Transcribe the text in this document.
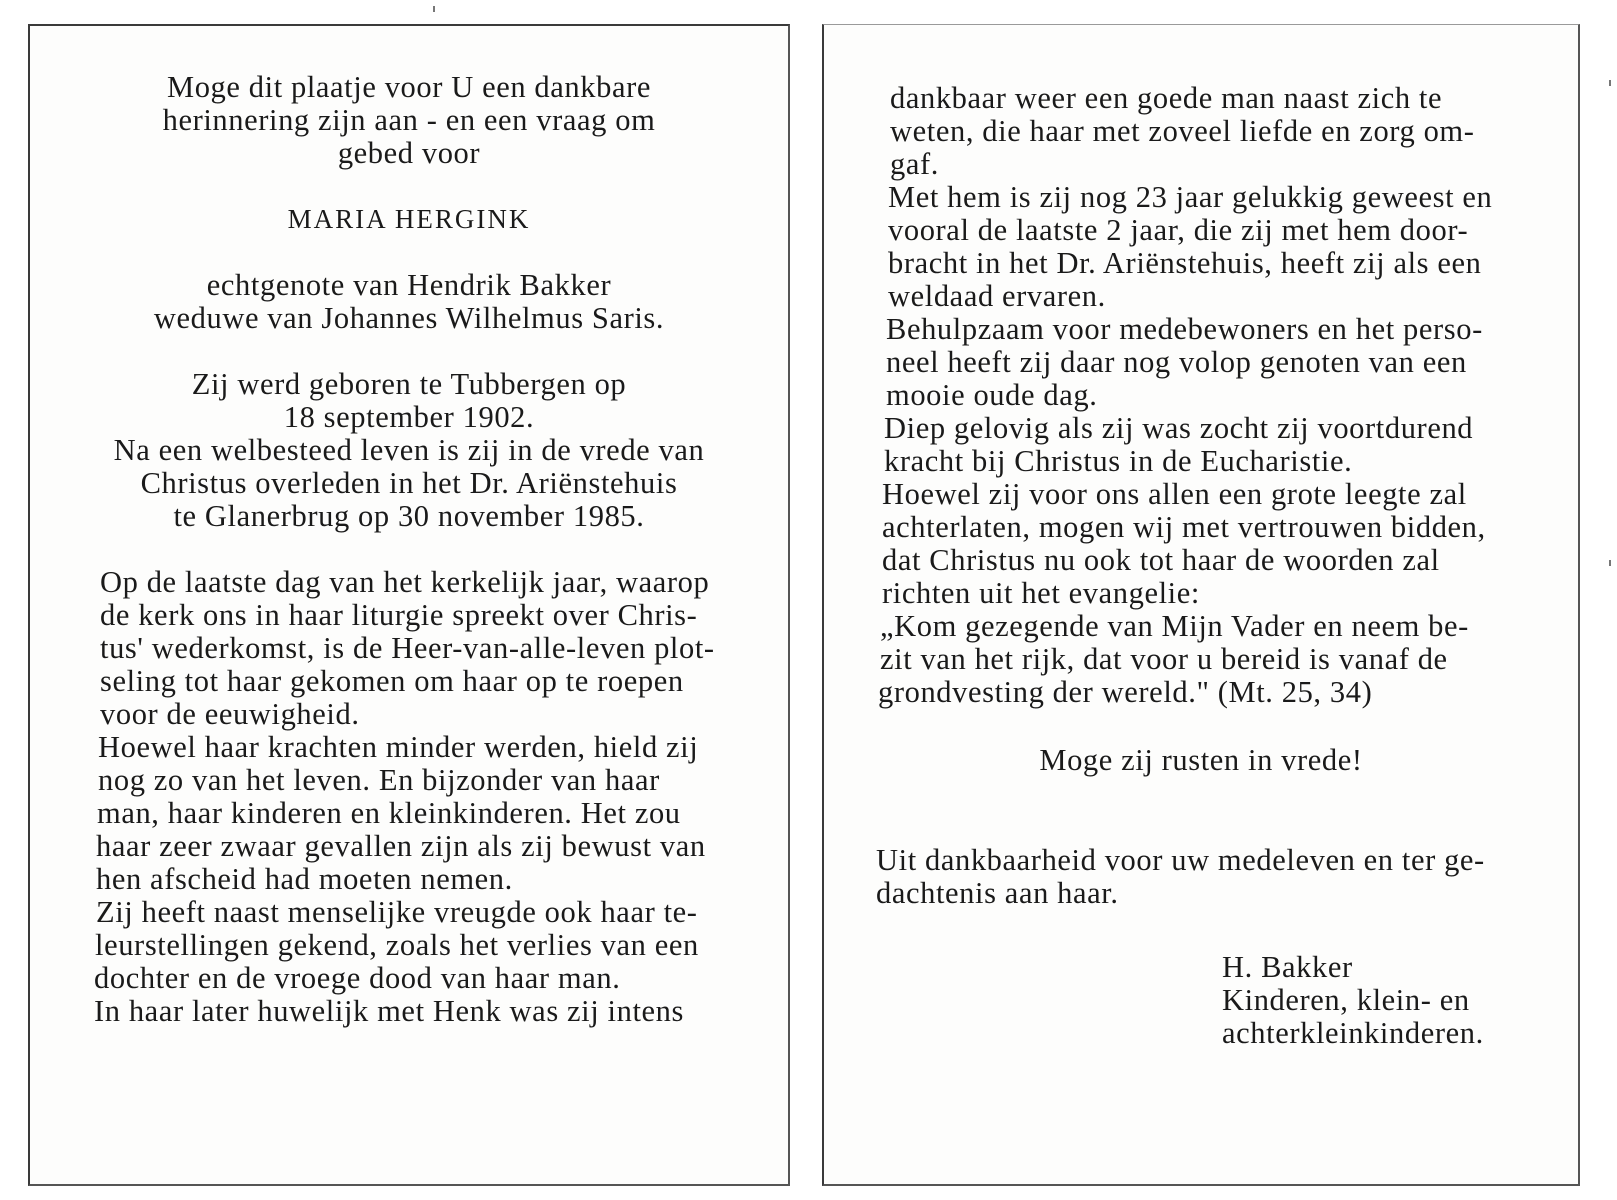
Moge dit plaatje voor U een dankbare
herinnering zijn aan - en een vraag om
gebed voor
MARIA HERGINK
echtgenote van Hendrik Bakker
weduwe van Johannes Wilhelmus Saris.
Zij werd geboren te Tubbergen op
18 september 1902.
Na een welbesteed leven is zij in de vrede van
Christus overleden in het Dr. Ariënstehuis
te Glanerbrug op 30 november 1985.
Op de laatste dag van het kerkelijk jaar, waarop
de kerk ons in haar liturgie spreekt over Chris-
tus' wederkomst, is de Heer-van-alle-leven plot-
seling tot haar gekomen om haar op te roepen
voor de eeuwigheid.
Hoewel haar krachten minder werden, hield zij
nog zo van het leven. En bijzonder van haar
man, haar kinderen en kleinkinderen. Het zou
haar zeer zwaar gevallen zijn als zij bewust van
hen afscheid had moeten nemen.
Zij heeft naast menselijke vreugde ook haar te-
leurstellingen gekend, zoals het verlies van een
dochter en de vroege dood van haar man.
In haar later huwelijk met Henk was zij intens
dankbaar weer een goede man naast zich te
weten, die haar met zoveel liefde en zorg om-
gaf.
Met hem is zij nog 23 jaar gelukkig geweest en
vooral de laatste 2 jaar, die zij met hem door-
bracht in het Dr. Ariënstehuis, heeft zij als een
weldaad ervaren.
Behulpzaam voor medebewoners en het perso-
neel heeft zij daar nog volop genoten van een
mooie oude dag.
Diep gelovig als zij was zocht zij voortdurend
kracht bij Christus in de Eucharistie.
Hoewel zij voor ons allen een grote leegte zal
achterlaten, mogen wij met vertrouwen bidden,
dat Christus nu ook tot haar de woorden zal
richten uit het evangelie:
„Kom gezegende van Mijn Vader en neem be-
zit van het rijk, dat voor u bereid is vanaf de
grondvesting der wereld." (Mt. 25, 34)
Moge zij rusten in vrede!
Uit dankbaarheid voor uw medeleven en ter ge-
dachtenis aan haar.
H. Bakker
Kinderen, klein- en
achterkleinkinderen.
